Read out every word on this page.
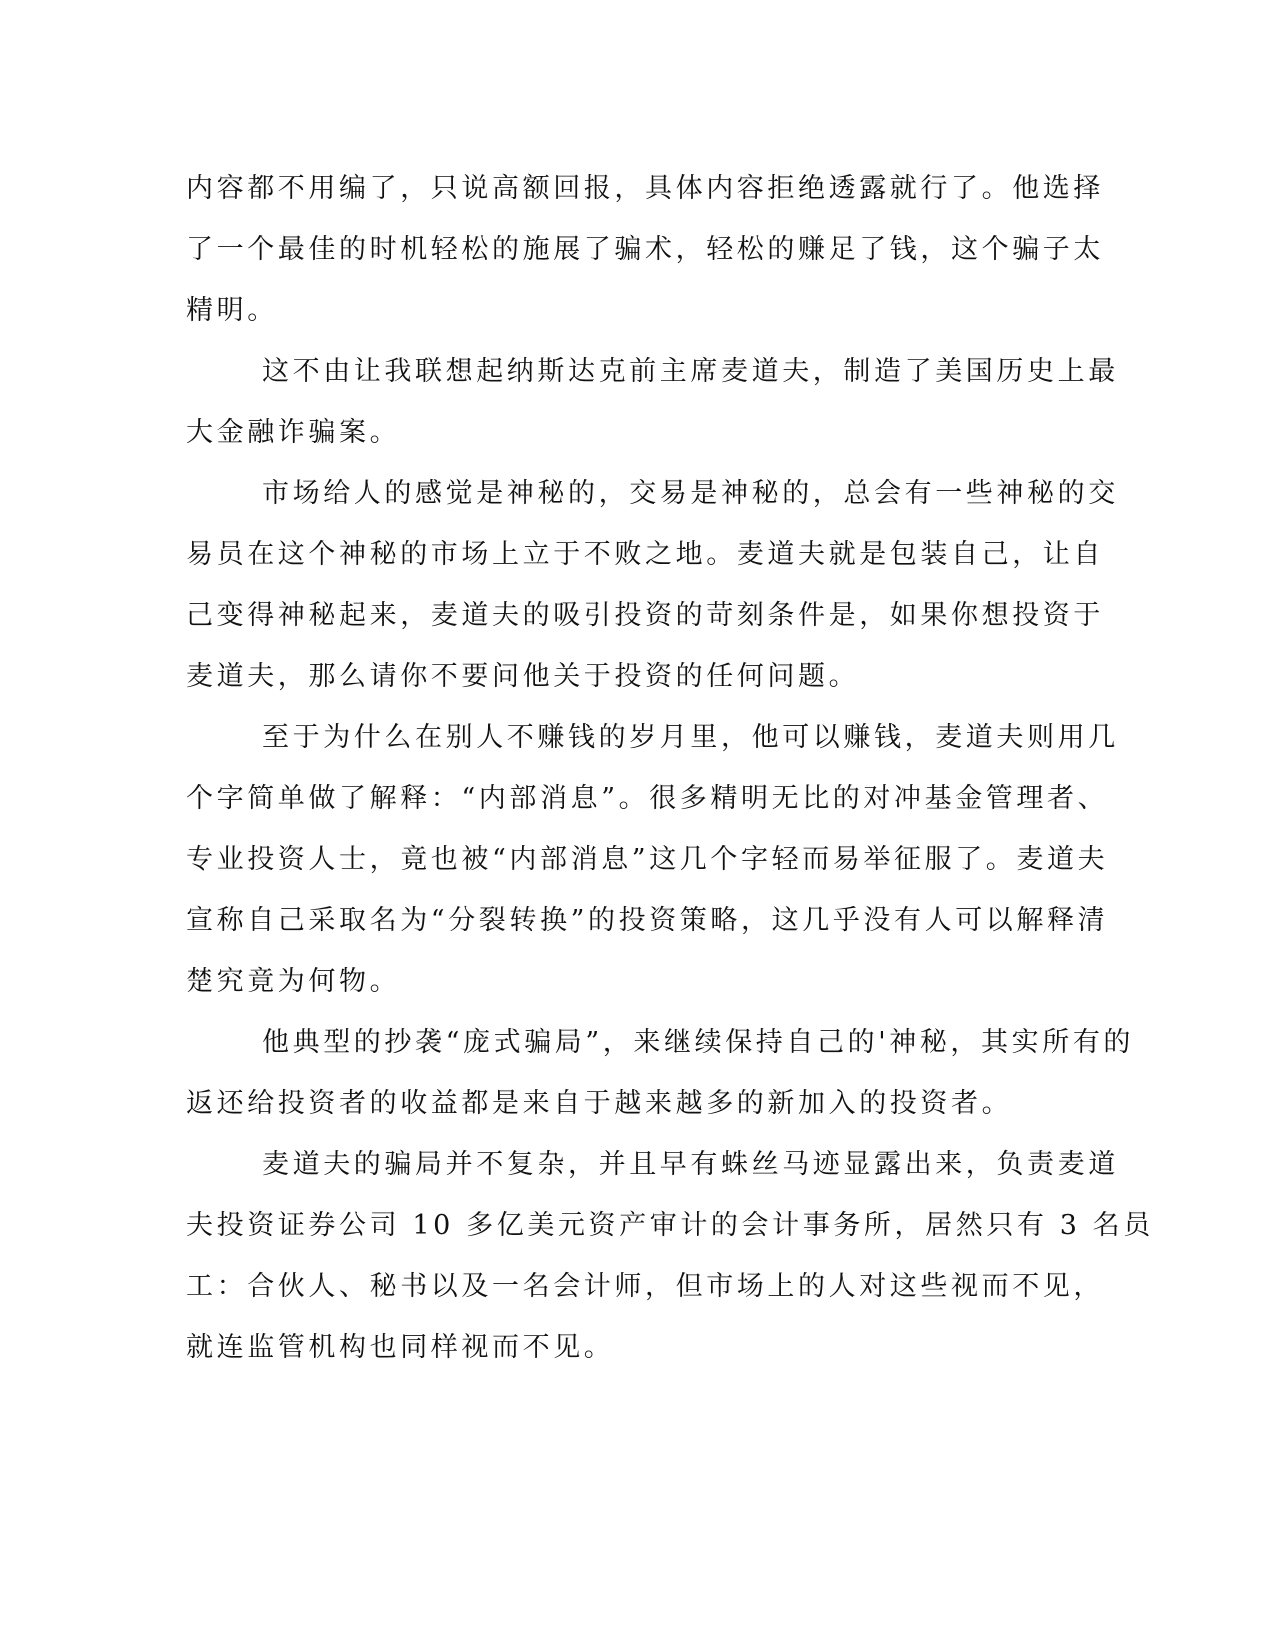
内容都不用编了，只说高额回报，具体内容拒绝透露就行了。他选择
了一个最佳的时机轻松的施展了骗术，轻松的赚足了钱，这个骗子太
精明。
这不由让我联想起纳斯达克前主席麦道夫，制造了美国历史上最
大金融诈骗案。
市场给人的感觉是神秘的，交易是神秘的，总会有一些神秘的交
易员在这个神秘的市场上立于不败之地。麦道夫就是包装自己，让自
己变得神秘起来，麦道夫的吸引投资的苛刻条件是，如果你想投资于
麦道夫，那么请你不要问他关于投资的任何问题。
至于为什么在别人不赚钱的岁月里，他可以赚钱，麦道夫则用几
个字简单做了解释：“内部消息”。很多精明无比的对冲基金管理者、
专业投资人士，竟也被“内部消息”这几个字轻而易举征服了。麦道夫
宣称自己采取名为“分裂转换”的投资策略，这几乎没有人可以解释清
楚究竟为何物。
他典型的抄袭“庞式骗局”，来继续保持自己的'神秘，其实所有的
返还给投资者的收益都是来自于越来越多的新加入的投资者。
麦道夫的骗局并不复杂，并且早有蛛丝马迹显露出来，负责麦道
夫投资证券公司 10 多亿美元资产审计的会计事务所，居然只有 3 名员
工：合伙人、秘书以及一名会计师，但市场上的人对这些视而不见，
就连监管机构也同样视而不见。
